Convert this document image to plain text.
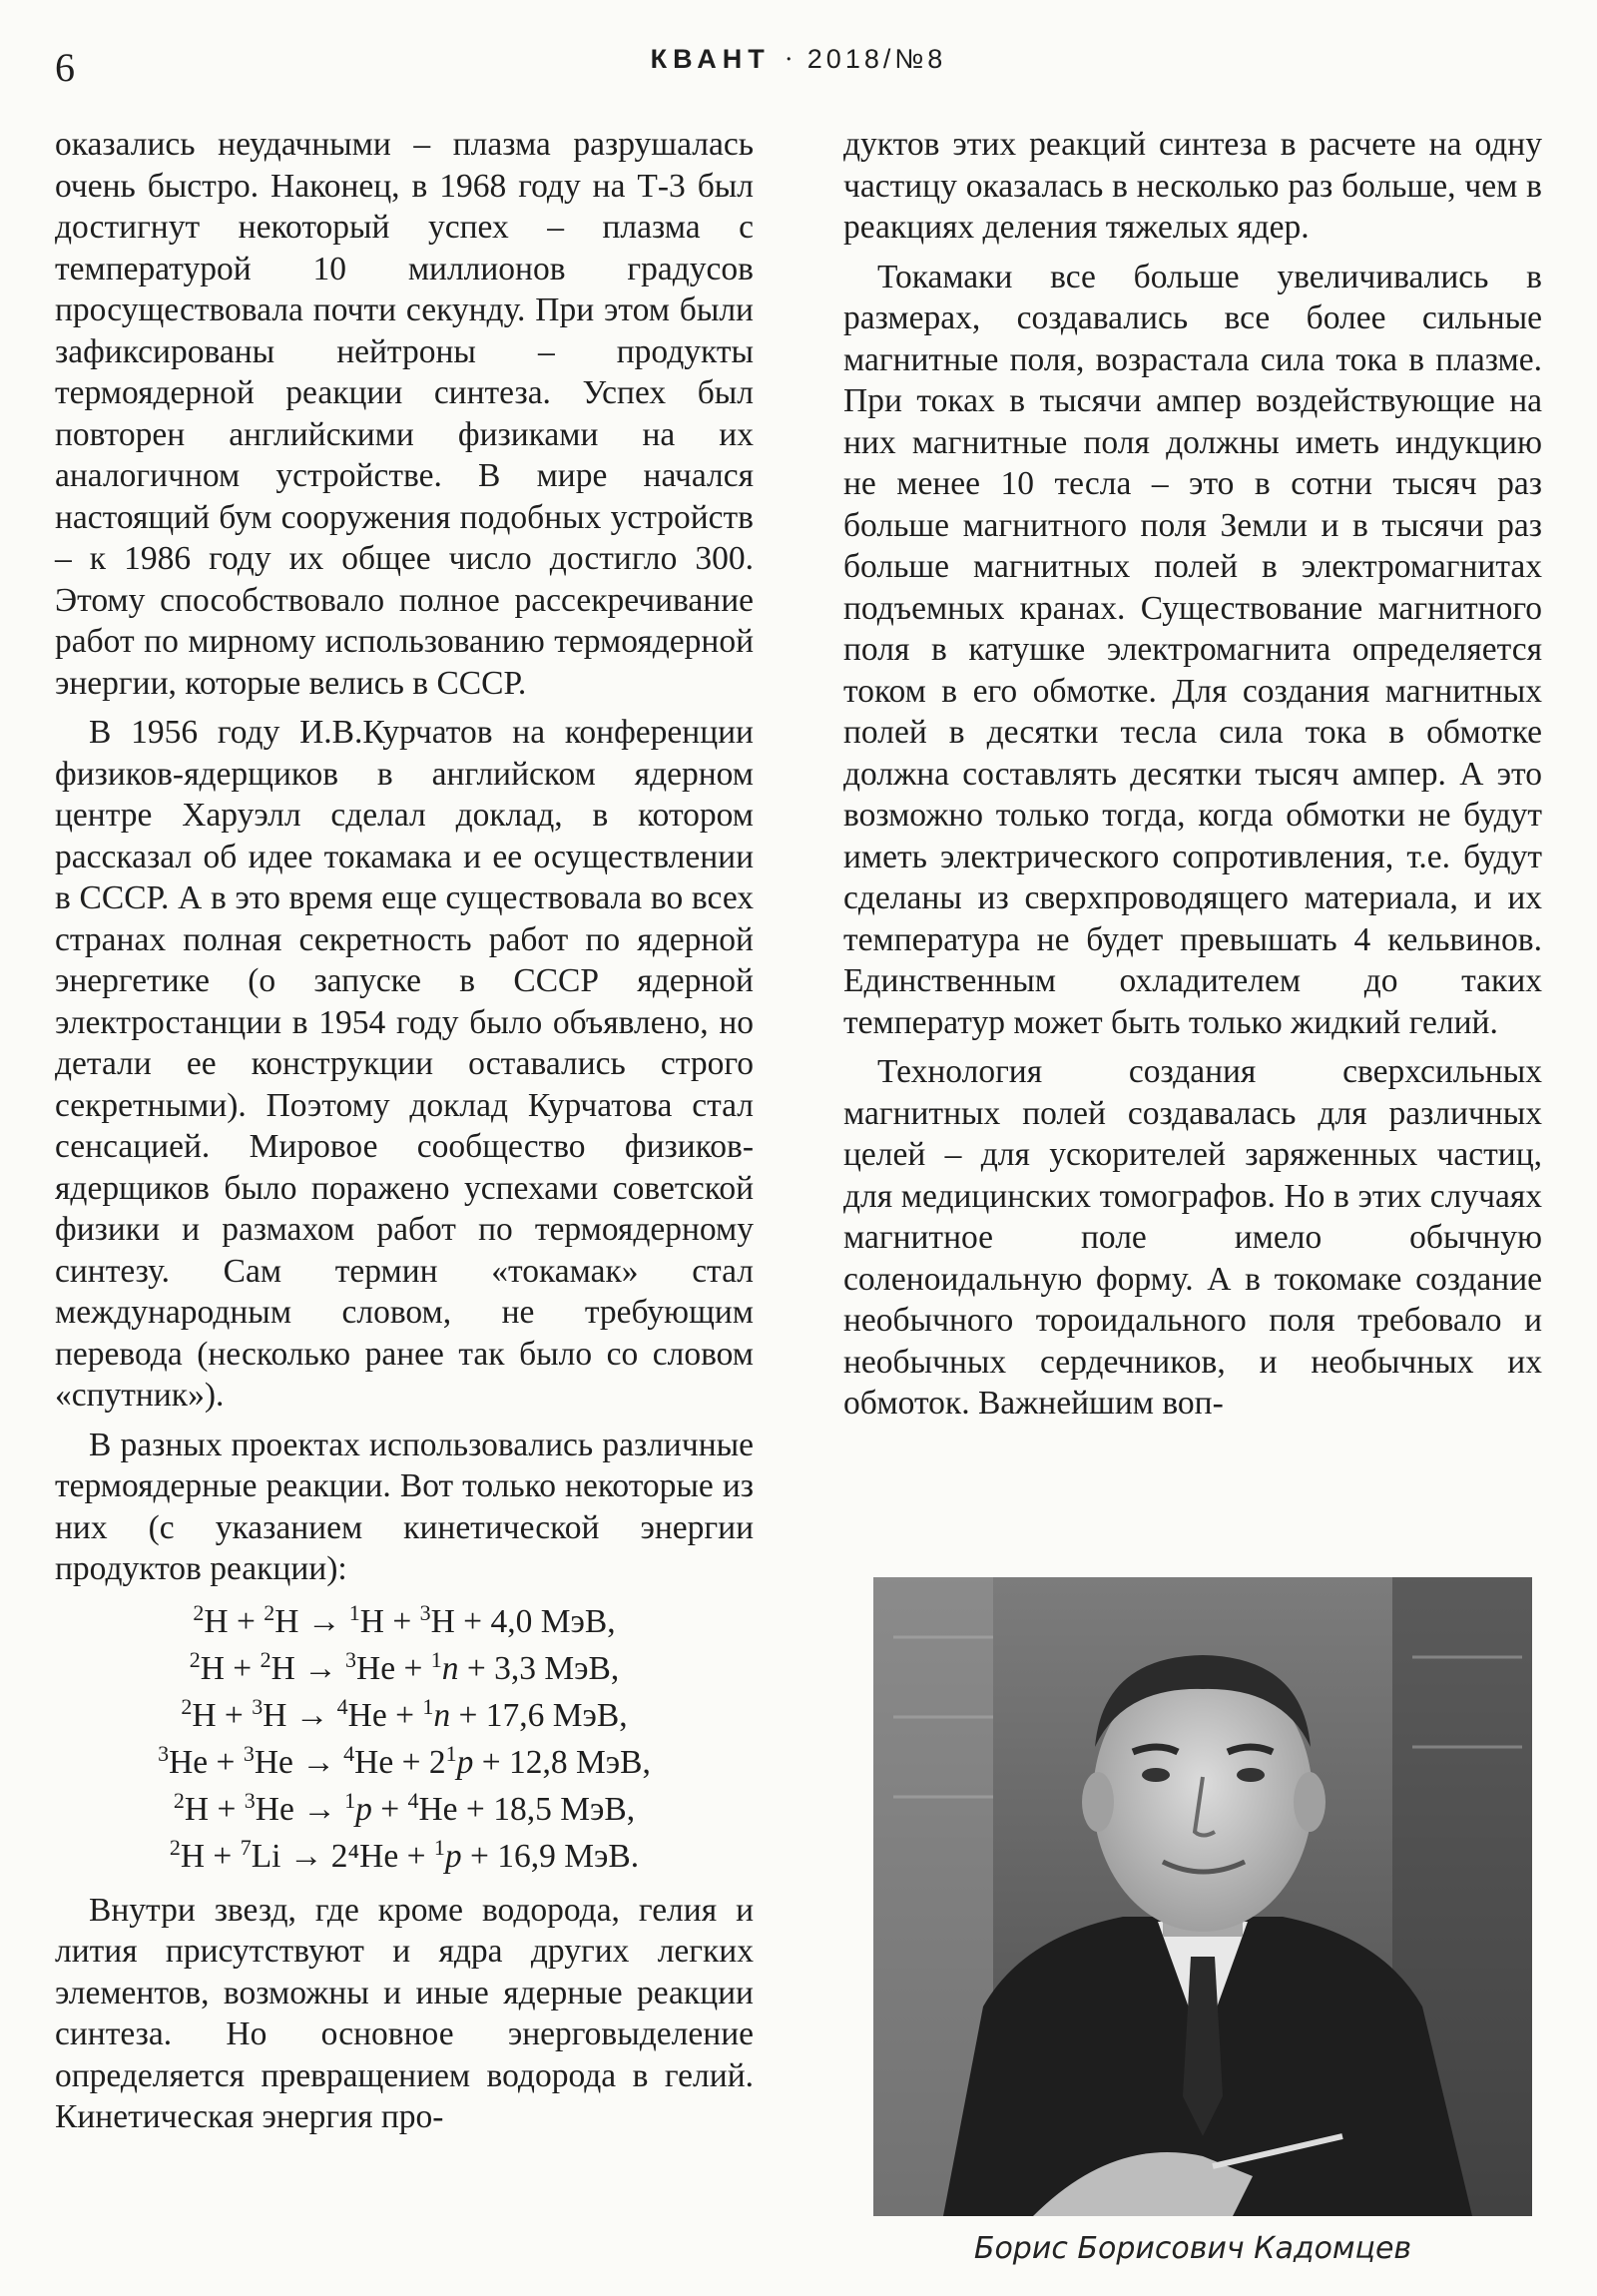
6	КВАНТ · 2018/№8

оказались неудачными – плазма разрушалась очень быстро. Наконец, в 1968 году на Т-3 был достигнут некоторый успех – плазма с температурой 10 миллионов градусов просуществовала почти секунду. При этом были зафиксированы нейтроны – продукты термоядерной реакции синтеза. Успех был повторен английскими физиками на их аналогичном устройстве. В мире начался настоящий бум сооружения подобных устройств – к 1986 году их общее число достигло 300. Этому способствовало полное рассекречивание работ по мирному использованию термоядерной энергии, которые велись в СССР.

В 1956 году И.В.Курчатов на конференции физиков-ядерщиков в английском ядерном центре Харуэлл сделал доклад, в котором рассказал об идее токамака и ее осуществлении в СССР. А в это время еще существовала во всех странах полная секретность работ по ядерной энергетике (о запуске в СССР ядерной электростанции в 1954 году было объявлено, но детали ее конструкции оставались строго секретными). Поэтому доклад Курчатова стал сенсацией. Мировое сообщество физиков-ядерщиков было поражено успехами советской физики и размахом работ по термоядерному синтезу. Сам термин «токамак» стал международным словом, не требующим перевода (несколько ранее так было со словом «спутник»).

В разных проектах использовались различные термоядерные реакции. Вот только некоторые из них (с указанием кинетической энергии продуктов реакции):

$^2$H + $^2$H → $^1$H + $^3$H + 4,0 МэВ,
$^2$H + $^2$H → $^3$He + $^1$n + 3,3 МэВ,
$^2$H + $^3$H → $^4$He + $^1$n + 17,6 МэВ,
$^3He + ^3He \to ^4He + 2^1p + 12,8$ МэВ,
$^2$H + $^3$He → $^1$p + $^4$He + 18,5 МэВ,
$^2$H + $^7$Li → 2⁴He + $^1$p + 16,9 МэВ.

Внутри звезд, где кроме водорода, гелия и лития присутствуют и ядра других легких элементов, возможны и иные ядерные реакции синтеза. Но основное энерговыделение определяется превращением водорода в гелий. Кинетическая энергия про-

дуктов этих реакций синтеза в расчете на одну частицу оказалась в несколько раз больше, чем в реакциях деления тяжелых ядер.

Токамаки все больше увеличивались в размерах, создавались все более сильные магнитные поля, возрастала сила тока в плазме. При токах в тысячи ампер воздействующие на них магнитные поля должны иметь индукцию не менее 10 тесла – это в сотни тысяч раз больше магнитного поля Земли и в тысячи раз больше магнитных полей в электромагнитах подъемных кранах. Существование магнитного поля в катушке электромагнита определяется током в его обмотке. Для создания магнитных полей в десятки тесла сила тока в обмотке должна составлять десятки тысяч ампер. А это возможно только тогда, когда обмотки не будут иметь электрического сопротивления, т.е. будут сделаны из сверхпроводящего материала, и их температура не будет превышать 4 кельвинов. Единственным охладителем до таких температур может быть только жидкий гелий.

Технология создания сверхсильных магнитных полей создавалась для различных целей – для ускорителей заряженных частиц, для медицинских томографов. Но в этих случаях магнитное поле имело обычную соленоидальную форму. А в токомаке создание необычного тороидального поля требовало и необычных сердечников, и необычных их обмоток. Важнейшим воп-

Борис Борисович Кадомцев
